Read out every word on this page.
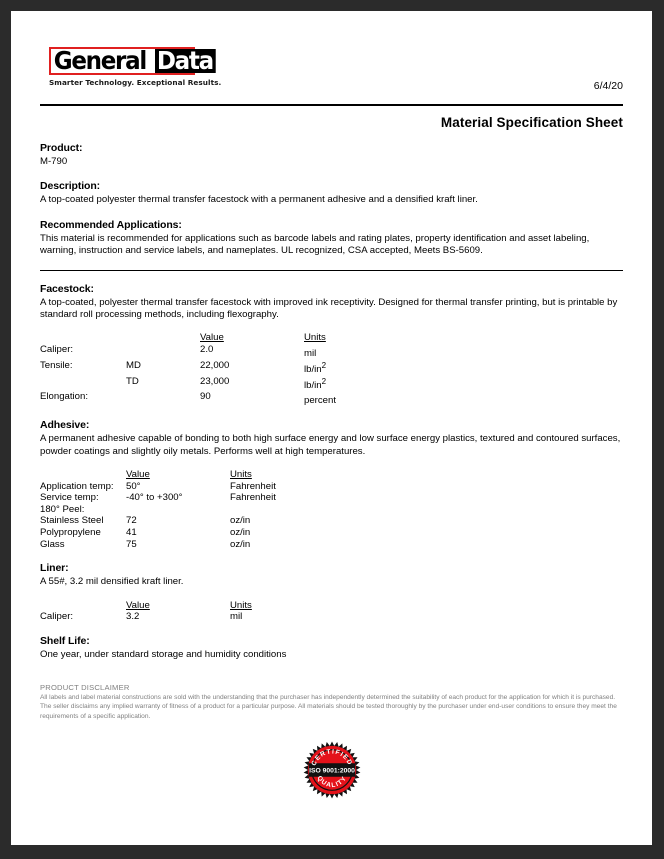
General Data
Smarter Technology. Exceptional Results.	6/4/20
Material Specification Sheet
Product:
M-790
Description:
A top-coated polyester thermal transfer facestock with a permanent adhesive and a densified kraft liner.
Recommended Applications:
This material is recommended for applications such as barcode labels and rating plates, property identification and asset labeling, warning, instruction and service labels, and nameplates. UL recognized, CSA accepted, Meets BS-5609.
Facestock:
A top-coated, polyester thermal transfer facestock with improved ink receptivity. Designed for thermal transfer printing, but is printable by standard roll processing methods, including flexography.
		Value	Units
Caliper:		2.0	mil
Tensile:	MD	22,000	$lb/in^2$
	TD	23,000	$lb/in^2$
Elongation:		90	percent
Adhesive:
A permanent adhesive capable of bonding to both high surface energy and low surface energy plastics, textured and contoured surfaces, powder coatings and slightly oily metals. Performs well at high temperatures.
	Value	Units
Application temp:	50°	Fahrenheit
Service temp:	-40° to +300°	Fahrenheit
180° Peel:		
Stainless Steel	72	oz/in
Polypropylene	41	oz/in
Glass	75	oz/in
Liner:
A 55#, 3.2 mil densified kraft liner.
	Value	Units
Caliper:	3.2	mil
Shelf Life:
One year, under standard storage and humidity conditions
PRODUCT DISCLAIMER
All labels and label material constructions are sold with the understanding that the purchaser has independently determined the suitability of each product for the application for which it is purchased. The seller disclaims any implied warranty of fitness of a product for a particular purpose. All materials should be tested thoroughly by the purchaser under end-user conditions to ensure they meet the requirements of a specific application.
CERTIFIED
QUALITY
ISO 9001:2000
